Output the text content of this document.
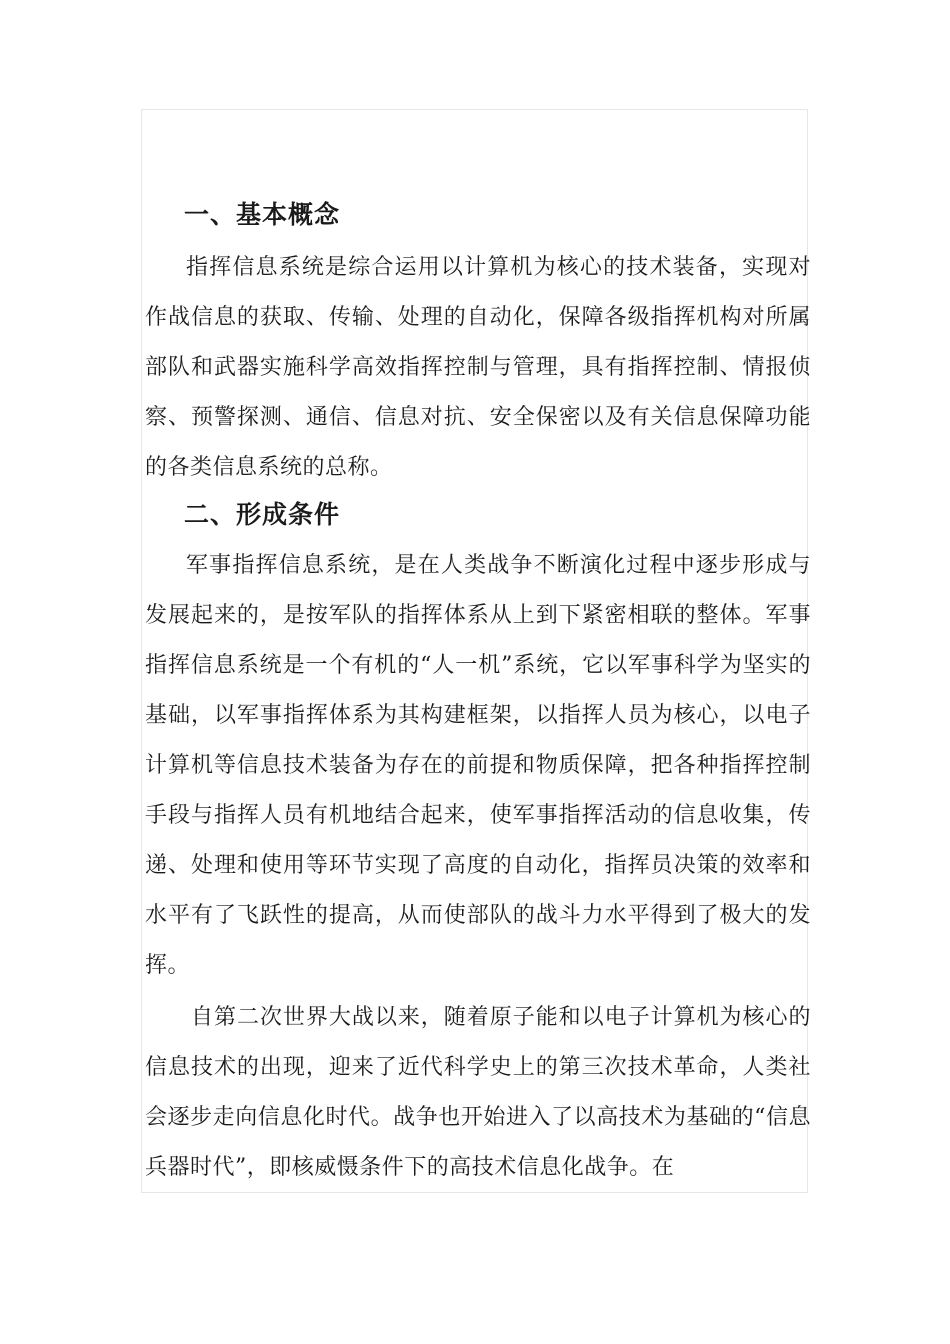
一、基本概念

指挥信息系统是综合运用以计算机为核心的技术装备，实现对作战信息的获取、传输、处理的自动化，保障各级指挥机构对所属部队和武器实施科学高效指挥控制与管理，具有指挥控制、情报侦察、预警探测、通信、信息对抗、安全保密以及有关信息保障功能的各类信息系统的总称。

二、形成条件

军事指挥信息系统，是在人类战争不断演化过程中逐步形成与发展起来的，是按军队的指挥体系从上到下紧密相联的整体。军事指挥信息系统是一个有机的“人一机”系统，它以军事科学为坚实的基础，以军事指挥体系为其构建框架，以指挥人员为核心，以电子计算机等信息技术装备为存在的前提和物质保障，把各种指挥控制手段与指挥人员有机地结合起来，使军事指挥活动的信息收集，传递、处理和使用等环节实现了高度的自动化，指挥员决策的效率和水平有了飞跃性的提高，从而使部队的战斗力水平得到了极大的发挥。

自第二次世界大战以来，随着原子能和以电子计算机为核心的信息技术的出现，迎来了近代科学史上的第三次技术革命，人类社会逐步走向信息化时代。战争也开始进入了以高技术为基础的“信息兵器时代”，即核威慑条件下的高技术信息化战争。在
